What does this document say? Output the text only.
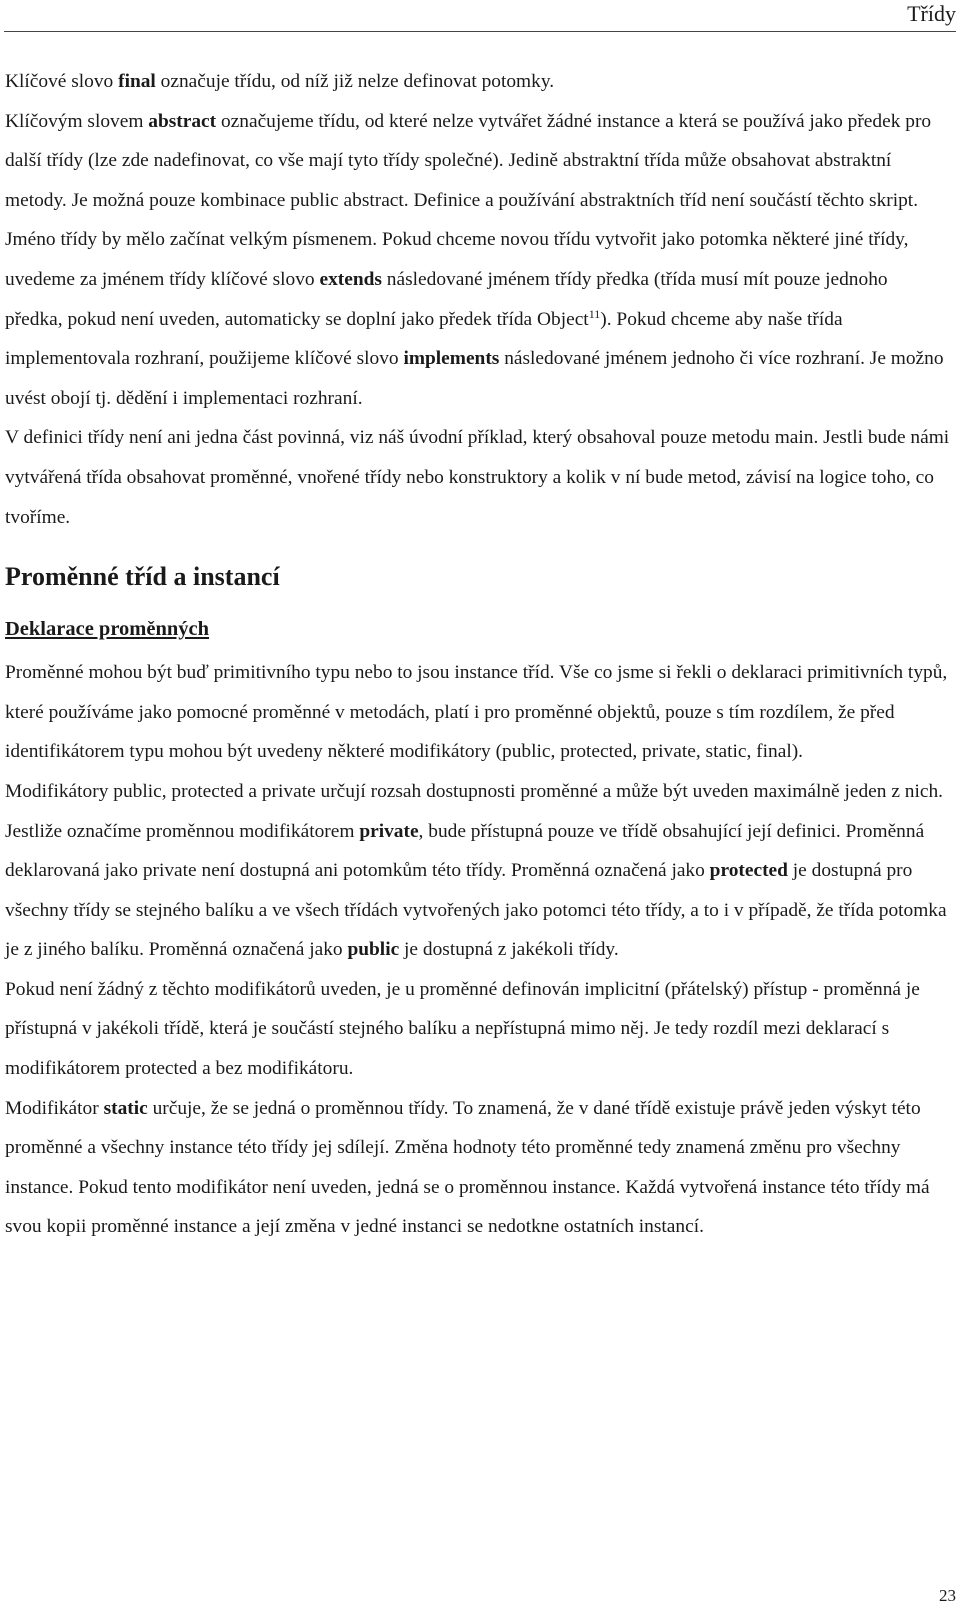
Třídy

Klíčové slovo final označuje třídu, od níž již nelze definovat potomky.

Klíčovým slovem abstract označujeme třídu, od které nelze vytvářet žádné instance a která se používá jako předek pro další třídy (lze zde nadefinovat, co vše mají tyto třídy společné). Jedině abstraktní třída může obsahovat abstraktní metody. Je možná pouze kombinace public abstract. Definice a používání abstraktních tříd není součástí těchto skript.

Jméno třídy by mělo začínat velkým písmenem. Pokud chceme novou třídu vytvořit jako potomka některé jiné třídy, uvedeme za jménem třídy klíčové slovo extends následované jménem třídy předka (třída musí mít pouze jednoho předka, pokud není uveden, automaticky se doplní jako předek třída Object$^{11}$). Pokud chceme aby naše třída implementovala rozhraní, použijeme klíčové slovo implements následované jménem jednoho či více rozhraní. Je možno uvést obojí tj. dědění i implementaci rozhraní.

V definici třídy není ani jedna část povinná, viz náš úvodní příklad, který obsahoval pouze metodu main. Jestli bude námi vytvářená třída obsahovat proměnné, vnořené třídy nebo konstruktory a kolik v ní bude metod, závisí na logice toho, co tvoříme.

Proměnné tříd a instancí
Deklarace proměnných

Proměnné mohou být buď primitivního typu nebo to jsou instance tříd. Vše co jsme si řekli o deklaraci primitivních typů, které používáme jako pomocné proměnné v metodách, platí i pro proměnné objektů, pouze s tím rozdílem, že před identifikátorem typu mohou být uvedeny některé modifikátory (public, protected, private, static, final).

Modifikátory public, protected a private určují rozsah dostupnosti proměnné a může být uveden maximálně jeden z nich.

Jestliže označíme proměnnou modifikátorem private, bude přístupná pouze ve třídě obsahující její definici. Proměnná deklarovaná jako private není dostupná ani potomkům této třídy. Proměnná označená jako protected je dostupná pro všechny třídy se stejného balíku a ve všech třídách vytvořených jako potomci této třídy, a to i v případě, že třída potomka je z jiného balíku. Proměnná označená jako public je dostupná z jakékoli třídy.

Pokud není žádný z těchto modifikátorů uveden, je u proměnné definován implicitní (přátelský) přístup - proměnná je přístupná v jakékoli třídě, která je součástí stejného balíku a nepřístupná mimo něj. Je tedy rozdíl mezi deklarací s modifikátorem protected a bez modifikátoru.

Modifikátor static určuje, že se jedná o proměnnou třídy. To znamená, že v dané třídě existuje právě jeden výskyt této proměnné a všechny instance této třídy jej sdílejí. Změna hodnoty této proměnné tedy znamená změnu pro všechny instance. Pokud tento modifikátor není uveden, jedná se o proměnnou instance. Každá vytvořená instance této třídy má svou kopii proměnné instance a její změna v jedné instanci se nedotkne ostatních instancí.

23
